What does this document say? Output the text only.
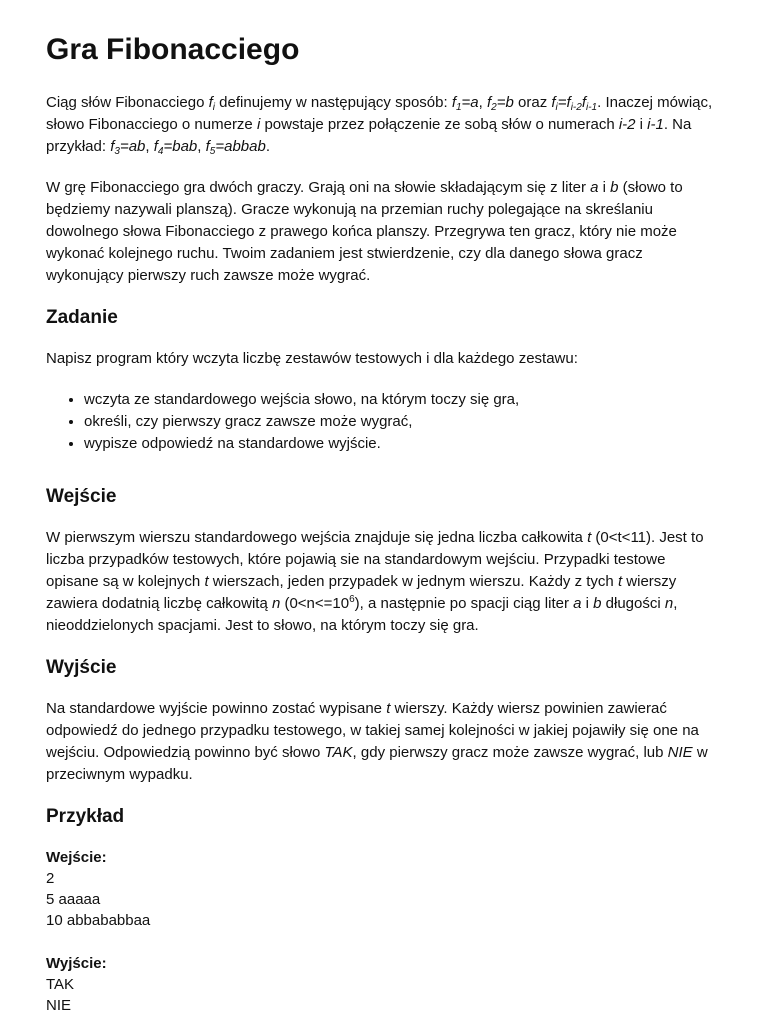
Gra Fibonacciego

Ciąg słów Fibonacciego $f_i$ definujemy w następujący sposób: $f_1=a$, $f_2=b$ oraz $f_i=f_{i-2}f_{i-1}$. Inaczej mówiąc, słowo Fibonacciego o numerze i powstaje przez połączenie ze sobą słów o numerach i-2 i i-1. Na przykład: $f_3=ab$, $f_4=bab$, $f_5=abbab$.

W grę Fibonacciego gra dwóch graczy. Grają oni na słowie składającym się z liter a i b (słowo to będziemy nazywali planszą). Gracze wykonują na przemian ruchy polegające na skreślaniu dowolnego słowa Fibonacciego z prawego końca planszy. Przegrywa ten gracz, który nie może wykonać kolejnego ruchu. Twoim zadaniem jest stwierdzenie, czy dla danego słowa gracz wykonujący pierwszy ruch zawsze może wygrać.

Zadanie

Napisz program który wczyta liczbę zestawów testowych i dla każdego zestawu:

• wczyta ze standardowego wejścia słowo, na którym toczy się gra,
• określi, czy pierwszy gracz zawsze może wygrać,
• wypisze odpowiedź na standardowe wyjście.
Wejście

W pierwszym wierszu standardowego wejścia znajduje się jedna liczba całkowita t (0<t<11). Jest to liczba przypadków testowych, które pojawią sie na standardowym wejściu. Przypadki testowe opisane są w kolejnych t wierszach, jeden przypadek w jednym wierszu. Każdy z tych t wierszy zawiera dodatnią liczbę całkowitą n $(0<n<=10^6)$, a następnie po spacji ciąg liter a i b długości n, nieoddzielonych spacjami. Jest to słowo, na którym toczy się gra.

Wyjście

Na standardowe wyjście powinno zostać wypisane t wierszy. Każdy wiersz powinien zawierać odpowiedź do jednego przypadku testowego, w takiej samej kolejności w jakiej pojawiły się one na wejściu. Odpowiedzią powinno być słowo TAK, gdy pierwszy gracz może zawsze wygrać, lub NIE w przeciwnym wypadku.

Przykład
Wejście:
2
5 aaaaa
10 abbababbaa
Wyjście:
TAK
NIE
